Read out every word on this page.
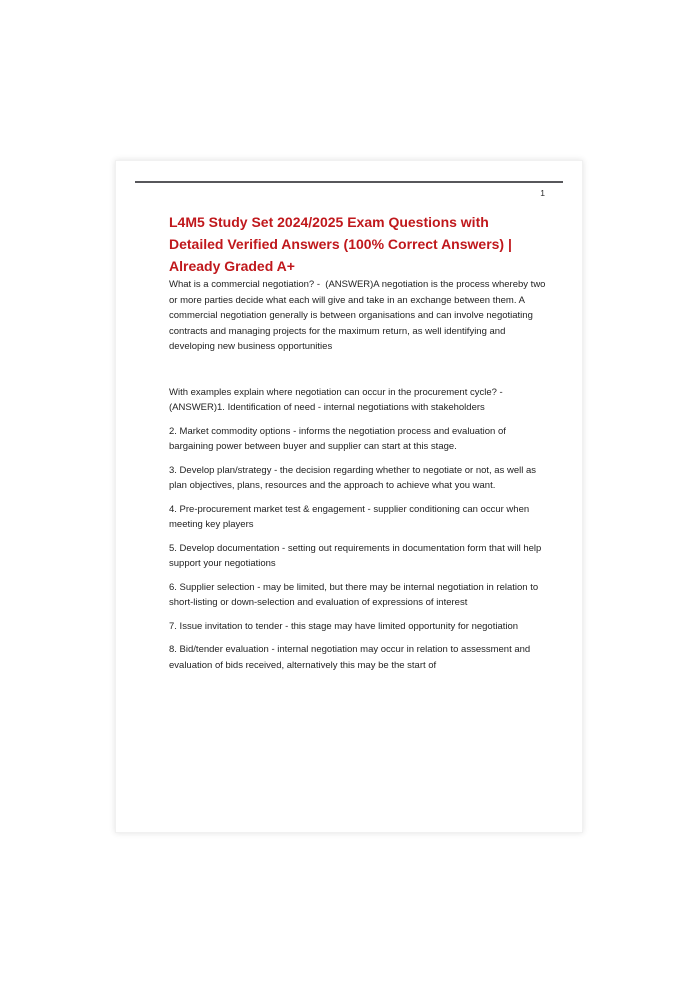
1
L4M5 Study Set 2024/2025 Exam Questions with Detailed Verified Answers (100% Correct Answers) | Already Graded A+

What is a commercial negotiation? -  (ANSWER)A negotiation is the process whereby two or more parties decide what each will give and take in an exchange between them. A commercial negotiation generally is between organisations and can involve negotiating contracts and managing projects for the maximum return, as well identifying and developing new business opportunities

With examples explain where negotiation can occur in the procurement cycle? - (ANSWER)1. Identification of need - internal negotiations with stakeholders

2. Market commodity options - informs the negotiation process and evaluation of bargaining power between buyer and supplier can start at this stage.

3. Develop plan/strategy - the decision regarding whether to negotiate or not, as well as plan objectives, plans, resources and the approach to achieve what you want.

4. Pre-procurement market test & engagement - supplier conditioning can occur when meeting key players

5. Develop documentation - setting out requirements in documentation form that will help support your negotiations

6. Supplier selection - may be limited, but there may be internal negotiation in relation to short-listing or down-selection and evaluation of expressions of interest

7. Issue invitation to tender - this stage may have limited opportunity for negotiation

8. Bid/tender evaluation - internal negotiation may occur in relation to assessment and evaluation of bids received, alternatively this may be the start of
